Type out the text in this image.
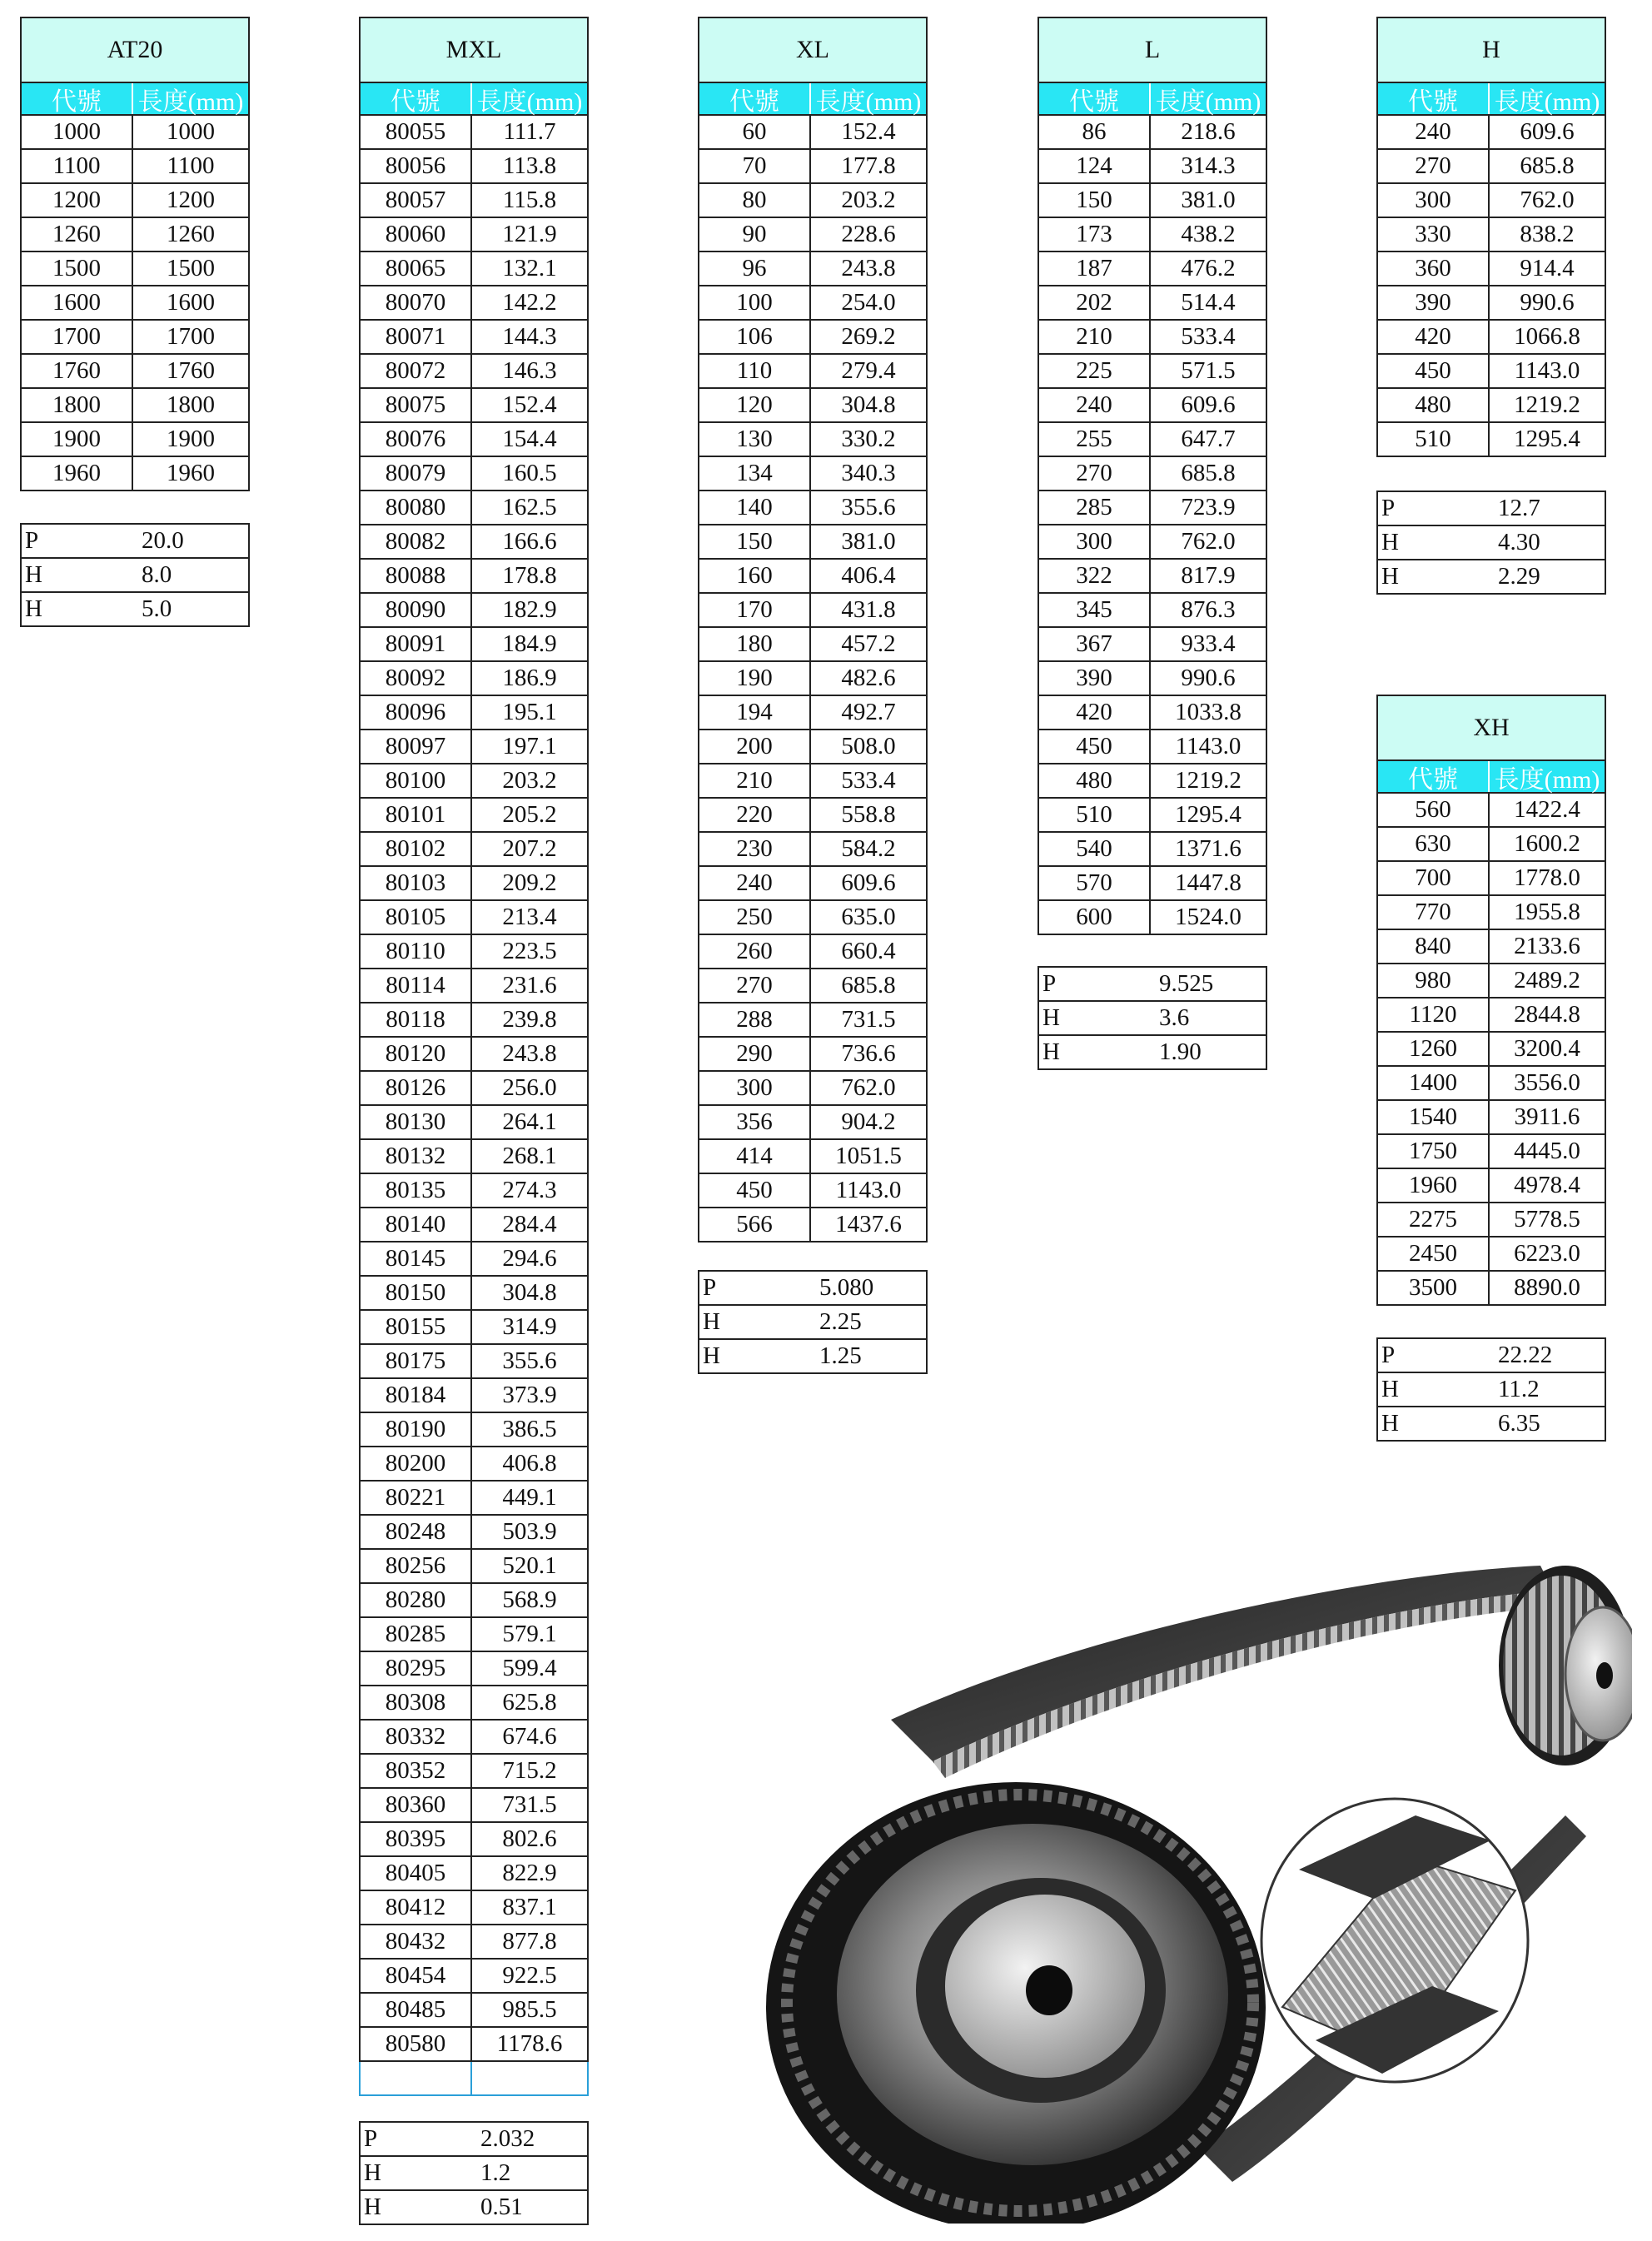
AT20
代號	長度(mm)
1000	1000
1100	1100
1200	1200
1260	1260
1500	1500
1600	1600
1700	1700
1760	1760
1800	1800
1900	1900
1960	1960
P	20.0
H	8.0
H	5.0
MXL
代號	長度(mm)
80055	111.7
80056	113.8
80057	115.8
80060	121.9
80065	132.1
80070	142.2
80071	144.3
80072	146.3
80075	152.4
80076	154.4
80079	160.5
80080	162.5
80082	166.6
80088	178.8
80090	182.9
80091	184.9
80092	186.9
80096	195.1
80097	197.1
80100	203.2
80101	205.2
80102	207.2
80103	209.2
80105	213.4
80110	223.5
80114	231.6
80118	239.8
80120	243.8
80126	256.0
80130	264.1
80132	268.1
80135	274.3
80140	284.4
80145	294.6
80150	304.8
80155	314.9
80175	355.6
80184	373.9
80190	386.5
80200	406.8
80221	449.1
80248	503.9
80256	520.1
80280	568.9
80285	579.1
80295	599.4
80308	625.8
80332	674.6
80352	715.2
80360	731.5
80395	802.6
80405	822.9
80412	837.1
80432	877.8
80454	922.5
80485	985.5
80580	1178.6
P	2.032
H	1.2
H	0.51
XL
代號	長度(mm)
60	152.4
70	177.8
80	203.2
90	228.6
96	243.8
100	254.0
106	269.2
110	279.4
120	304.8
130	330.2
134	340.3
140	355.6
150	381.0
160	406.4
170	431.8
180	457.2
190	482.6
194	492.7
200	508.0
210	533.4
220	558.8
230	584.2
240	609.6
250	635.0
260	660.4
270	685.8
288	731.5
290	736.6
300	762.0
356	904.2
414	1051.5
450	1143.0
566	1437.6
P	5.080
H	2.25
H	1.25
L
代號	長度(mm)
86	218.6
124	314.3
150	381.0
173	438.2
187	476.2
202	514.4
210	533.4
225	571.5
240	609.6
255	647.7
270	685.8
285	723.9
300	762.0
322	817.9
345	876.3
367	933.4
390	990.6
420	1033.8
450	1143.0
480	1219.2
510	1295.4
540	1371.6
570	1447.8
600	1524.0
P	9.525
H	3.6
H	1.90
H
代號	長度(mm)
240	609.6
270	685.8
300	762.0
330	838.2
360	914.4
390	990.6
420	1066.8
450	1143.0
480	1219.2
510	1295.4
P	12.7
H	4.30
H	2.29
XH
代號	長度(mm)
560	1422.4
630	1600.2
700	1778.0
770	1955.8
840	2133.6
980	2489.2
1120	2844.8
1260	3200.4
1400	3556.0
1540	3911.6
1750	4445.0
1960	4978.4
2275	5778.5
2450	6223.0
3500	8890.0
P	22.22
H	11.2
H	6.35
